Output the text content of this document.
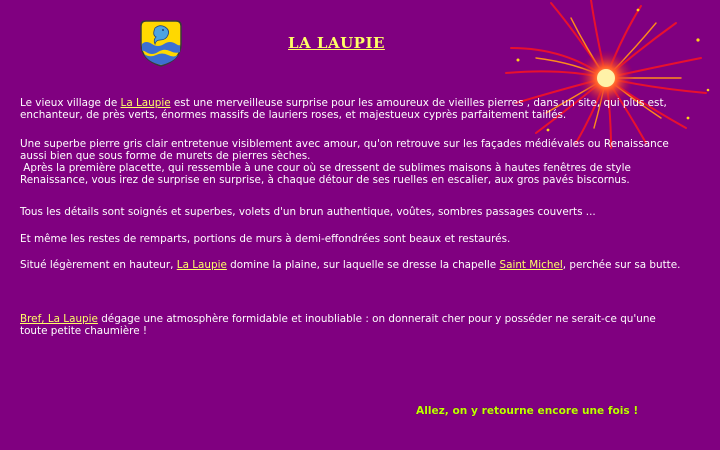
LA LAUPIE

Le vieux village de La Laupie est une merveilleuse surprise pour les amoureux de vieilles pierres , dans un site, qui plus est,
enchanteur, de près verts, énormes massifs de lauriers roses, et majestueux cyprès parfaitement taillés.

Une superbe pierre gris clair entretenue visiblement avec amour, qu'on retrouve sur les façades médiévales ou Renaissance
aussi bien que sous forme de murets de pierres sèches.
Après la première placette, qui ressemble à une cour où se dressent de sublimes maisons à hautes fenêtres de style
Renaissance, vous irez de surprise en surprise, à chaque détour de ses ruelles en escalier, aux gros pavés biscornus.

Tous les détails sont soignés et superbes, volets d'un brun authentique, voûtes, sombres passages couverts ...

Et même les restes de remparts, portions de murs à demi-effondrées sont beaux et restaurés.

Situé légèrement en hauteur, La Laupie domine la plaine, sur laquelle se dresse la chapelle Saint Michel, perchée sur sa butte.

Bref, La Laupie dégage une atmosphère formidable et inoubliable : on donnerait cher pour y posséder ne serait-ce qu'une
toute petite chaumière !

Allez, on y retourne encore une fois !
